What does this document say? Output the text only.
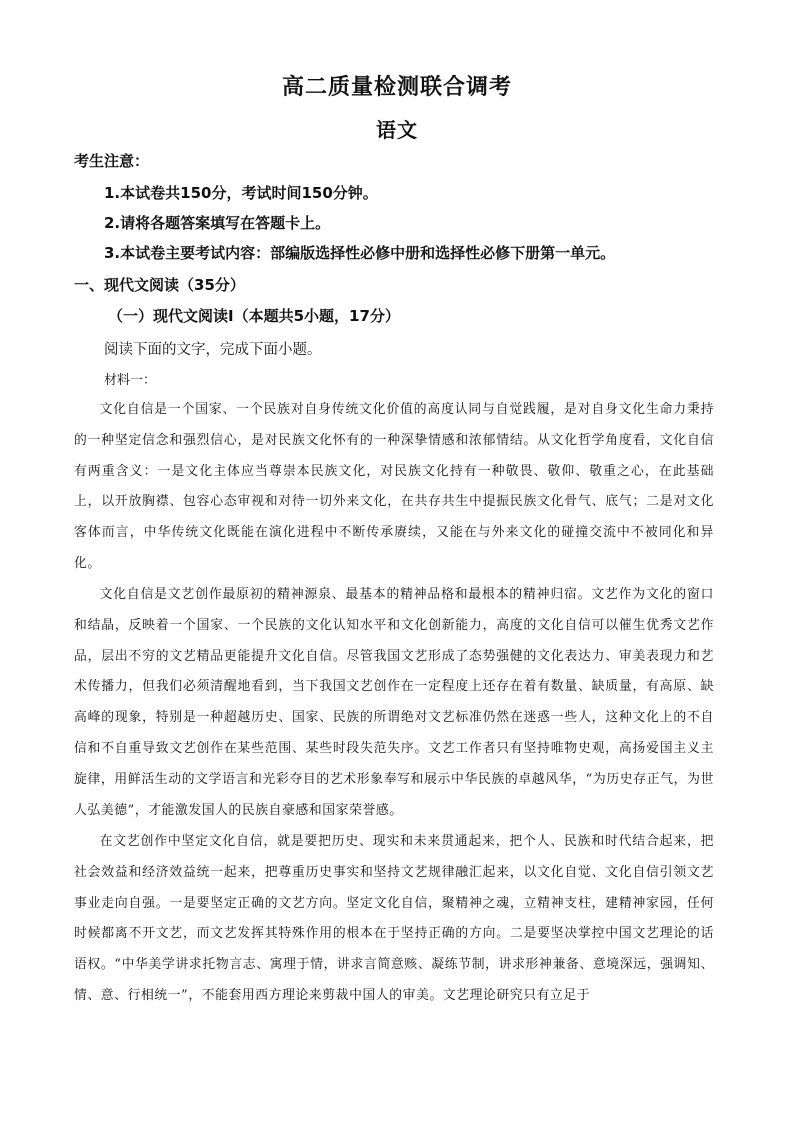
高二质量检测联合调考
语文
考生注意：
1.本试卷共150分，考试时间150分钟。
2.请将各题答案填写在答题卡上。
3.本试卷主要考试内容：部编版选择性必修中册和选择性必修下册第一单元。
一、现代文阅读（35分）
（一）现代文阅读Ⅰ（本题共5小题，17分）
阅读下面的文字，完成下面小题。
材料一：
文化自信是一个国家、一个民族对自身传统文化价值的高度认同与自觉践履，是对自身文化生命力秉持的一种坚定信念和强烈信心，是对民族文化怀有的一种深挚情感和浓郁情结。从文化哲学角度看，文化自信有两重含义：一是文化主体应当尊崇本民族文化，对民族文化持有一种敬畏、敬仰、敬重之心，在此基础上，以开放胸襟、包容心态审视和对待一切外来文化，在共存共生中提振民族文化骨气、底气；二是对文化客体而言，中华传统文化既能在演化进程中不断传承赓续，又能在与外来文化的碰撞交流中不被同化和异化。
文化自信是文艺创作最原初的精神源泉、最基本的精神品格和最根本的精神归宿。文艺作为文化的窗口和结晶，反映着一个国家、一个民族的文化认知水平和文化创新能力，高度的文化自信可以催生优秀文艺作品，层出不穷的文艺精品更能提升文化自信。尽管我国文艺形成了态势强健的文化表达力、审美表现力和艺术传播力，但我们必须清醒地看到，当下我国文艺创作在一定程度上还存在着有数量、缺质量，有高原、缺高峰的现象，特别是一种超越历史、国家、民族的所谓绝对文艺标准仍然在迷惑一些人，这种文化上的不自信和不自重导致文艺创作在某些范围、某些时段失范失序。文艺工作者只有坚持唯物史观，高扬爱国主义主旋律，用鲜活生动的文学语言和光彩夺目的艺术形象奉写和展示中华民族的卓越风华，“为历史存正气，为世人弘美德”，才能激发国人的民族自豪感和国家荣誉感。
在文艺创作中坚定文化自信，就是要把历史、现实和未来贯通起来，把个人、民族和时代结合起来，把社会效益和经济效益统一起来，把尊重历史事实和坚持文艺规律融汇起来，以文化自觉、文化自信引领文艺事业走向自强。一是要坚定正确的文艺方向。坚定文化自信，聚精神之魂，立精神支柱，建精神家园，任何时候都离不开文艺，而文艺发挥其特殊作用的根本在于坚持正确的方向。二是要坚决掌控中国文艺理论的话语权。“中华美学讲求托物言志、寓理于情，讲求言简意赅、凝练节制，讲求形神兼备、意境深远，强调知、情、意、行相统一”，不能套用西方理论来剪裁中国人的审美。文艺理论研究只有立足于
